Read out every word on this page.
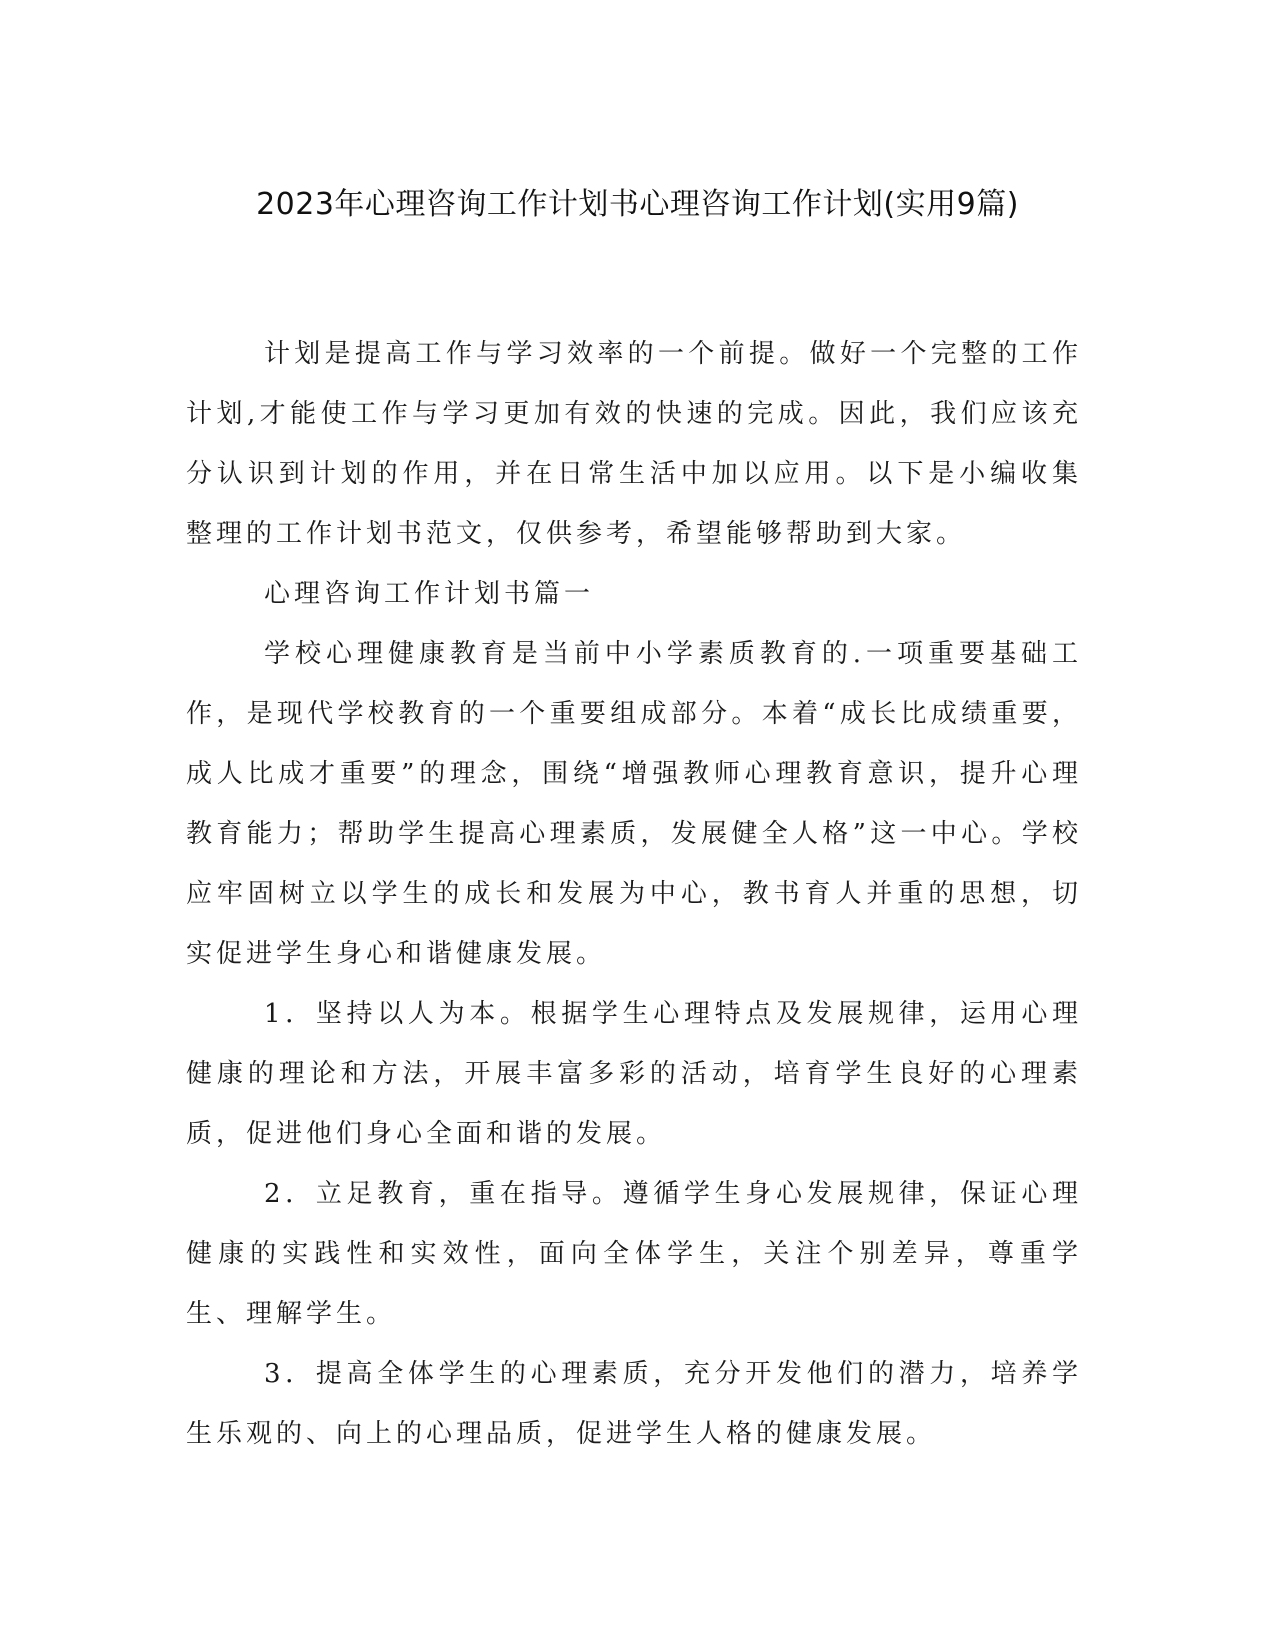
2023年心理咨询工作计划书心理咨询工作计划(实用9篇)

计划是提高工作与学习效率的一个前提。做好一个完整的工作计划,才能使工作与学习更加有效的快速的完成。因此，我们应该充分认识到计划的作用，并在日常生活中加以应用。以下是小编收集整理的工作计划书范文，仅供参考，希望能够帮助到大家。

心理咨询工作计划书篇一

学校心理健康教育是当前中小学素质教育的.一项重要基础工作，是现代学校教育的一个重要组成部分。本着“成长比成绩重要，成人比成才重要”的理念，围绕“增强教师心理教育意识，提升心理教育能力；帮助学生提高心理素质，发展健全人格”这一中心。学校应牢固树立以学生的成长和发展为中心，教书育人并重的思想，切实促进学生身心和谐健康发展。

1．坚持以人为本。根据学生心理特点及发展规律，运用心理健康的理论和方法，开展丰富多彩的活动，培育学生良好的心理素质，促进他们身心全面和谐的发展。

2．立足教育，重在指导。遵循学生身心发展规律，保证心理健康的实践性和实效性，面向全体学生，关注个别差异，尊重学生、理解学生。

3．提高全体学生的心理素质，充分开发他们的潜力，培养学生乐观的、向上的心理品质，促进学生人格的健康发展。
